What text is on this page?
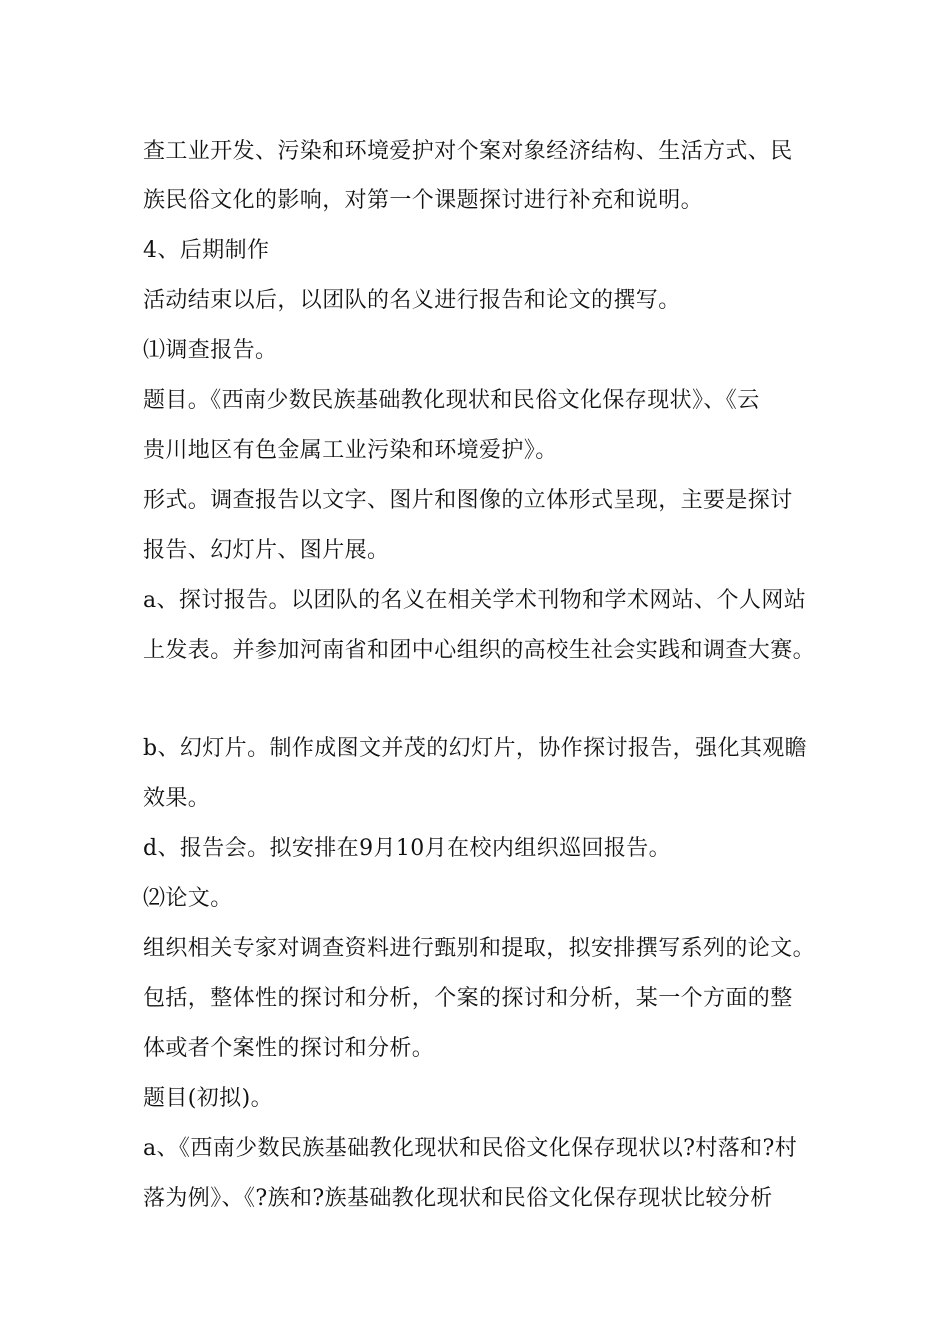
查工业开发、污染和环境爱护对个案对象经济结构、生活方式、民
族民俗文化的影响，对第一个课题探讨进行补充和说明。
4、后期制作
活动结束以后，以团队的名义进行报告和论文的撰写。
⑴调查报告。
题目。《西南少数民族基础教化现状和民俗文化保存现状》、《云
贵川地区有色金属工业污染和环境爱护》。
形式。调查报告以文字、图片和图像的立体形式呈现，主要是探讨
报告、幻灯片、图片展。
a、探讨报告。以团队的名义在相关学术刊物和学术网站、个人网站
上发表。并参加河南省和团中心组织的高校生社会实践和调查大赛。
b、幻灯片。制作成图文并茂的幻灯片，协作探讨报告，强化其观瞻
效果。
d、报告会。拟安排在9月10月在校内组织巡回报告。
⑵论文。
组织相关专家对调查资料进行甄别和提取，拟安排撰写系列的论文。
包括，整体性的探讨和分析，个案的探讨和分析，某一个方面的整
体或者个案性的探讨和分析。
题目(初拟)。
a、《西南少数民族基础教化现状和民俗文化保存现状以?村落和?村
落为例》、《?族和?族基础教化现状和民俗文化保存现状比较分析
